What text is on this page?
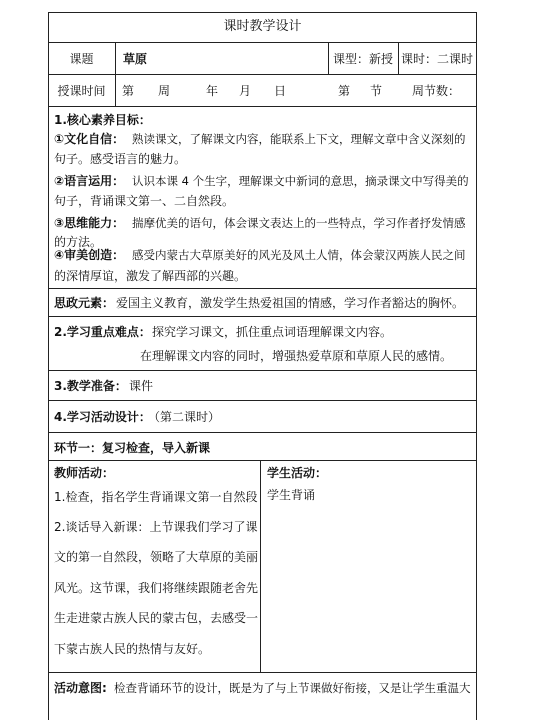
课时教学设计
课题	草原	课型：新授 课时：二课时
授课时间	第 周	年 月 日	第 节 周节数：
1.核心素养目标：
①文化自信： 熟读课文，了解课文内容，能联系上下文，理解文章中含义深刻的
句子。感受语言的魅力。
②语言运用： 认识本课 4 个生字，理解课文中新词的意思，摘录课文中写得美的
句子，背诵课文第一、二自然段。
③思维能力： 揣摩优美的语句，体会课文表达上的一些特点，学习作者抒发情感
的方法。
④审美创造： 感受内蒙古大草原美好的风光及风土人情，体会蒙汉两族人民之间
的深情厚谊，激发了解西部的兴趣。
思政元素： 爱国主义教育，激发学生热爱祖国的情感，学习作者豁达的胸怀。
2.学习重点难点： 探究学习课文，抓住重点词语理解课文内容。
在理解课文内容的同时，增强热爱草原和草原人民的感情。
3.教学准备： 课件
4.学习活动设计：
（第二课时）
环节一：复习检查，导入新课
教师活动：
1.检查，指名学生背诵课文第一自然段
2.谈话导入新课：上节课我们学习了课
文的第一自然段，领略了大草原的美丽
风光。这节课，我们将继续跟随老舍先
生走进蒙古族人民的蒙古包，去感受一
下蒙古族人民的热情与友好。
学生活动：
学生背诵
活动意图: 检查背诵环节的设计，既是为了与上节课做好衔接，又是让学生重温大
